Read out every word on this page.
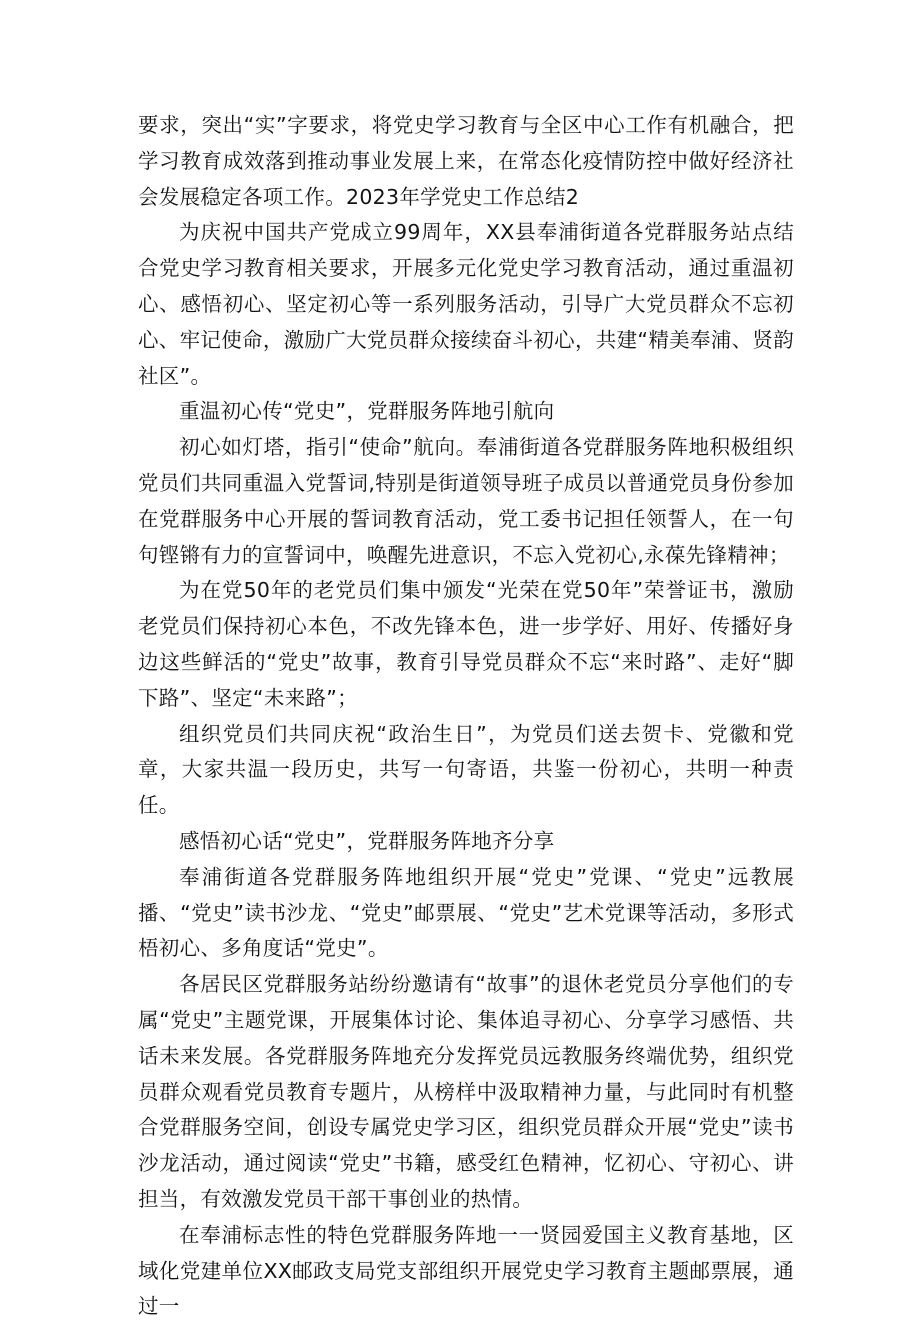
要求，突出“实”字要求，将党史学习教育与全区中心工作有机融合，把学习教育成效落到推动事业发展上来，在常态化疫情防控中做好经济社会发展稳定各项工作。2023年学党史工作总结2

为庆祝中国共产党成立99周年，XX县奉浦街道各党群服务站点结合党史学习教育相关要求，开展多元化党史学习教育活动，通过重温初心、感悟初心、坚定初心等一系列服务活动，引导广大党员群众不忘初心、牢记使命，激励广大党员群众接续奋斗初心，共建“精美奉浦、贤韵社区”。

重温初心传“党史”，党群服务阵地引航向

初心如灯塔，指引“使命”航向。奉浦街道各党群服务阵地积极组织党员们共同重温入党誓词,特别是街道领导班子成员以普通党员身份参加在党群服务中心开展的誓词教育活动，党工委书记担任领誓人，在一句句铿锵有力的宣誓词中，唤醒先进意识，不忘入党初心,永葆先锋精神；

为在党50年的老党员们集中颁发“光荣在党50年”荣誉证书，激励老党员们保持初心本色，不改先锋本色，进一步学好、用好、传播好身边这些鲜活的“党史”故事，教育引导党员群众不忘“来时路”、走好“脚下路”、坚定“未来路”；

组织党员们共同庆祝“政治生日”，为党员们送去贺卡、党徽和党章，大家共温一段历史，共写一句寄语，共鉴一份初心，共明一种责任。

感悟初心话“党史”，党群服务阵地齐分享

奉浦街道各党群服务阵地组织开展“党史”党课、“党史”远教展播、“党史”读书沙龙、“党史”邮票展、“党史”艺术党课等活动，多形式梧初心、多角度话“党史”。

各居民区党群服务站纷纷邀请有“故事”的退休老党员分享他们的专属“党史”主题党课，开展集体讨论、集体追寻初心、分享学习感悟、共话未来发展。各党群服务阵地充分发挥党员远教服务终端优势，组织党员群众观看党员教育专题片，从榜样中汲取精神力量，与此同时有机整合党群服务空间，创设专属党史学习区，组织党员群众开展“党史”读书沙龙活动，通过阅读“党史”书籍，感受红色精神，忆初心、守初心、讲担当，有效激发党员干部干事创业的热情。

在奉浦标志性的特色党群服务阵地一一贤园爱国主义教育基地，区域化党建单位XX邮政支局党支部组织开展党史学习教育主题邮票展，通过一
